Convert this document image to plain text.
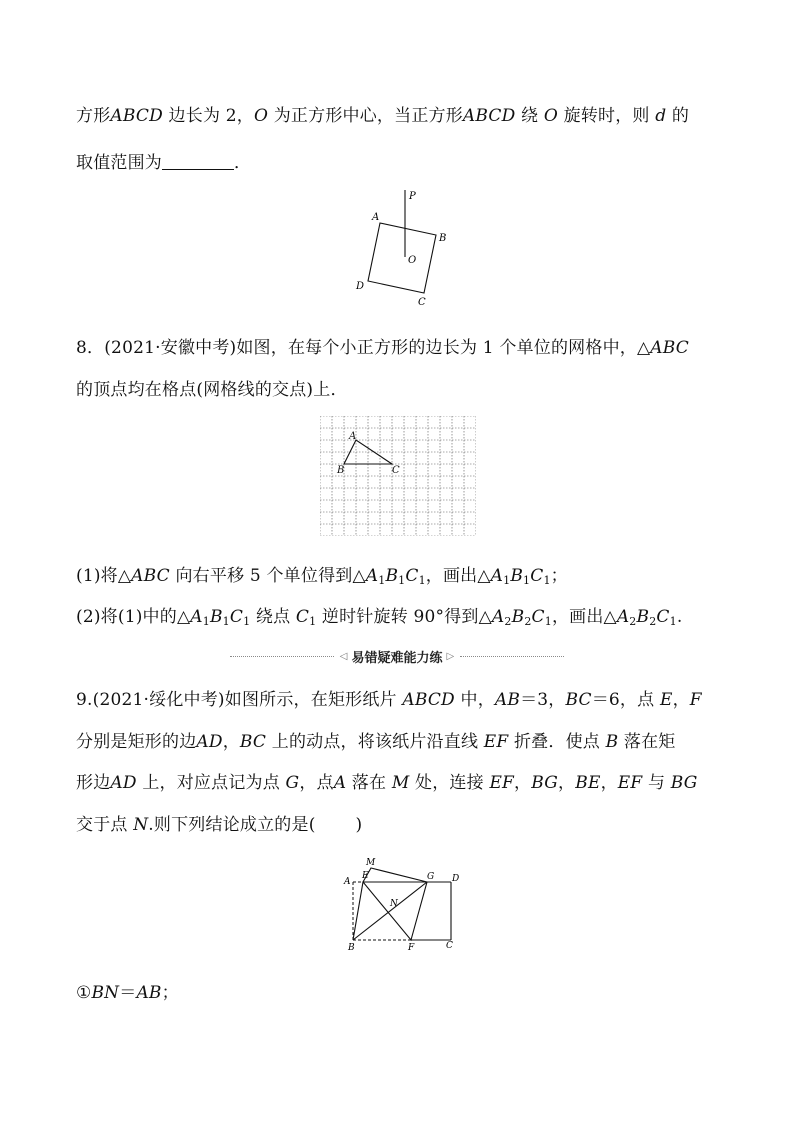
方形ABCD 边长为 2，O 为正方形中心，当正方形ABCD 绕 O 旋转时，则 d 的
取值范围为	．
P
A
B
O
D
C
8．(2021·安徽中考)如图，在每个小正方形的边长为 1 个单位的网格中，△ABC
的顶点均在格点(网格线的交点)上．
A
B	C
(1)将△ABC 向右平移 5 个单位得到$\triangle A_1B_1C_1$，画出$\triangle A_1B_1C_1$；
(2)将(1)中的$\triangle A_1B_1C_1$ 绕点 $C_1$ 逆时针旋转 90°得到$\triangle A_2B_2C_1$，画出$\triangle A_2B_2C_1$.
◁ 易错疑难能力练 ▷
9.(2021·绥化中考)如图所示，在矩形纸片 ABCD 中，AB＝3，BC＝6，点 E，F
分别是矩形的边AD，BC 上的动点，将该纸片沿直线 EF 折叠．使点 B 落在矩
形边AD 上，对应点记为点 G，点A 落在 M 处，连接 EF，BG，BE，EF 与 BG
交于点 N.则下列结论成立的是( )
M
A
E	G D
N
B	F	C
①BN＝AB；
